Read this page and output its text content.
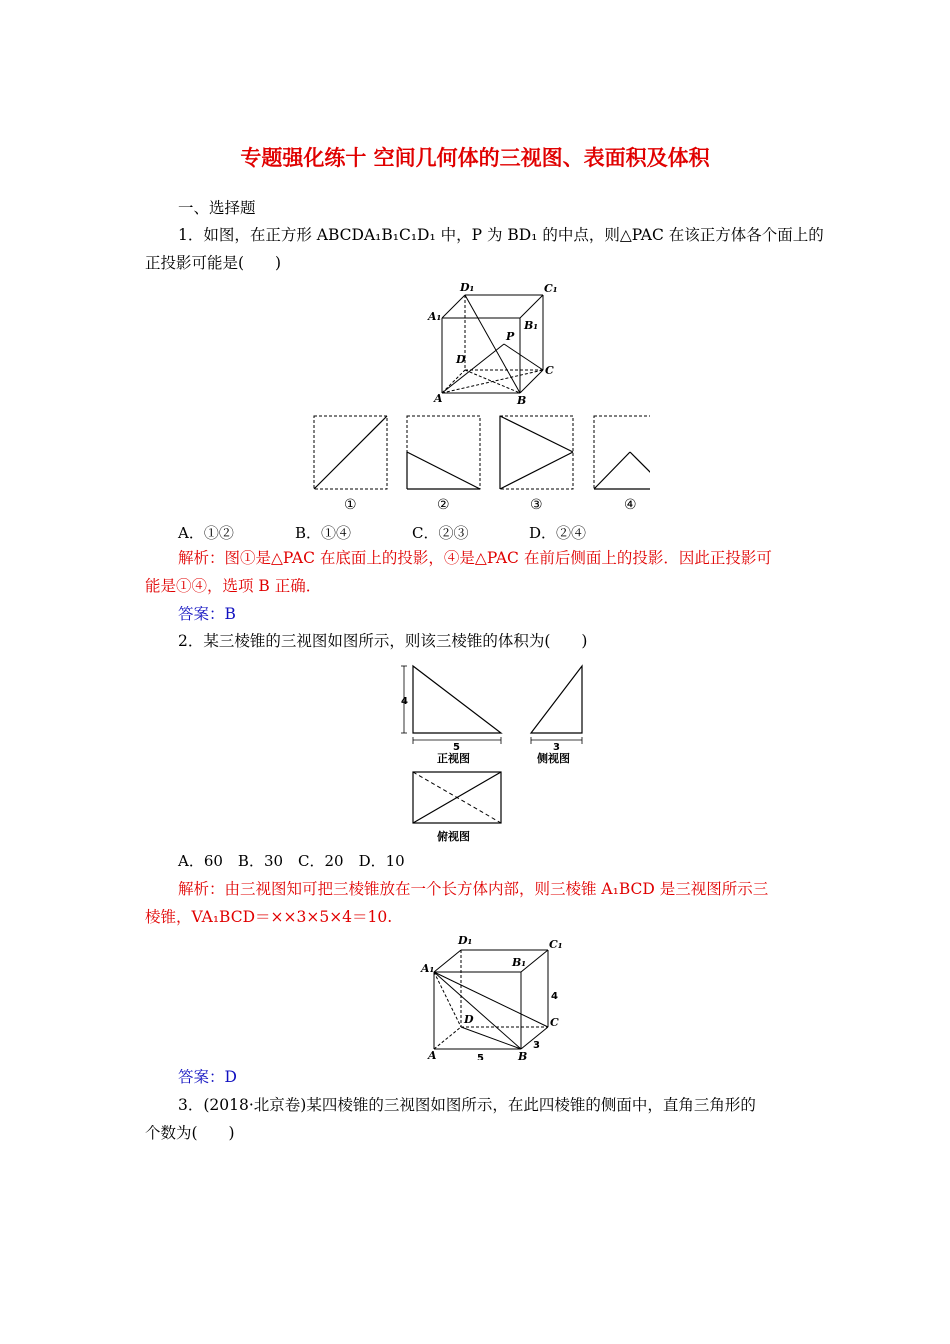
专题强化练十 空间几何体的三视图、表面积及体积
一、选择题
1．如图，在正方形 ABCDA₁B₁C₁D₁ 中，P 为 BD₁ 的中点，则△PAC 在该正方体各个面上的
正投影可能是(　　)
D₁	C₁
A₁
B₁
P
D
C
A	B
①	②	③	④
A．①②	B．①④	C．②③	D．②④
解析：图①是△PAC 在底面上的投影，④是△PAC 在前后侧面上的投影．因此正投影可
能是①④，选项 B 正确．
答案：B
2．某三棱锥的三视图如图所示，则该三棱锥的体积为(　　)
4
5
正视图
3
侧视图
俯视图
A．60　B．30　C．20　D．10
解析：由三视图知可把三棱锥放在一个长方体内部，则三棱锥 A₁BCD 是三视图所示三
棱锥，VA₁BCD＝××3×5×4＝10.
D₁	C₁
A₁	B₁
D	C
A	B
4
5
3
答案：D
3．(2018·北京卷)某四棱锥的三视图如图所示，在此四棱锥的侧面中，直角三角形的
个数为(　　)
